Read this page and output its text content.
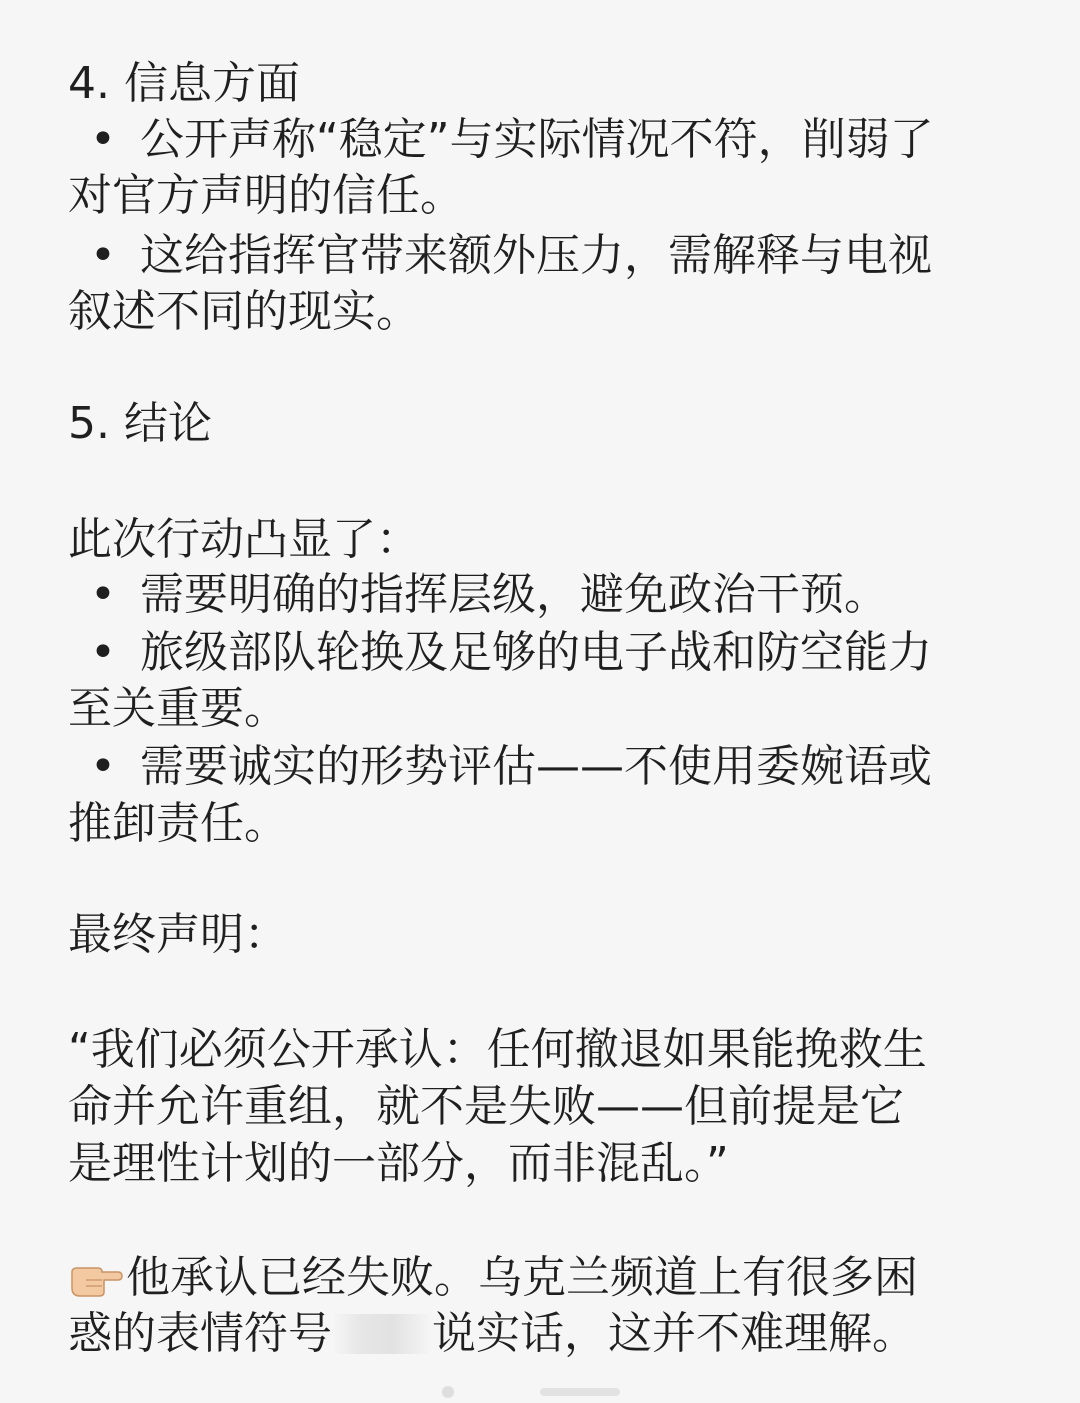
4. 信息方面
• 公开声称“稳定”与实际情况不符，削弱了
对官方声明的信任。
• 这给指挥官带来额外压力，需解释与电视
叙述不同的现实。
5. 结论
此次行动凸显了：
• 需要明确的指挥层级，避免政治干预。
• 旅级部队轮换及足够的电子战和防空能力
至关重要。
• 需要诚实的形势评估——不使用委婉语或
推卸责任。
最终声明：
“我们必须公开承认：任何撤退如果能挽救生
命并允许重组，就不是失败——但前提是它
是理性计划的一部分，而非混乱。”
他承认已经失败。乌克兰频道上有很多困
惑的表情符号 说实话，这并不难理解。
